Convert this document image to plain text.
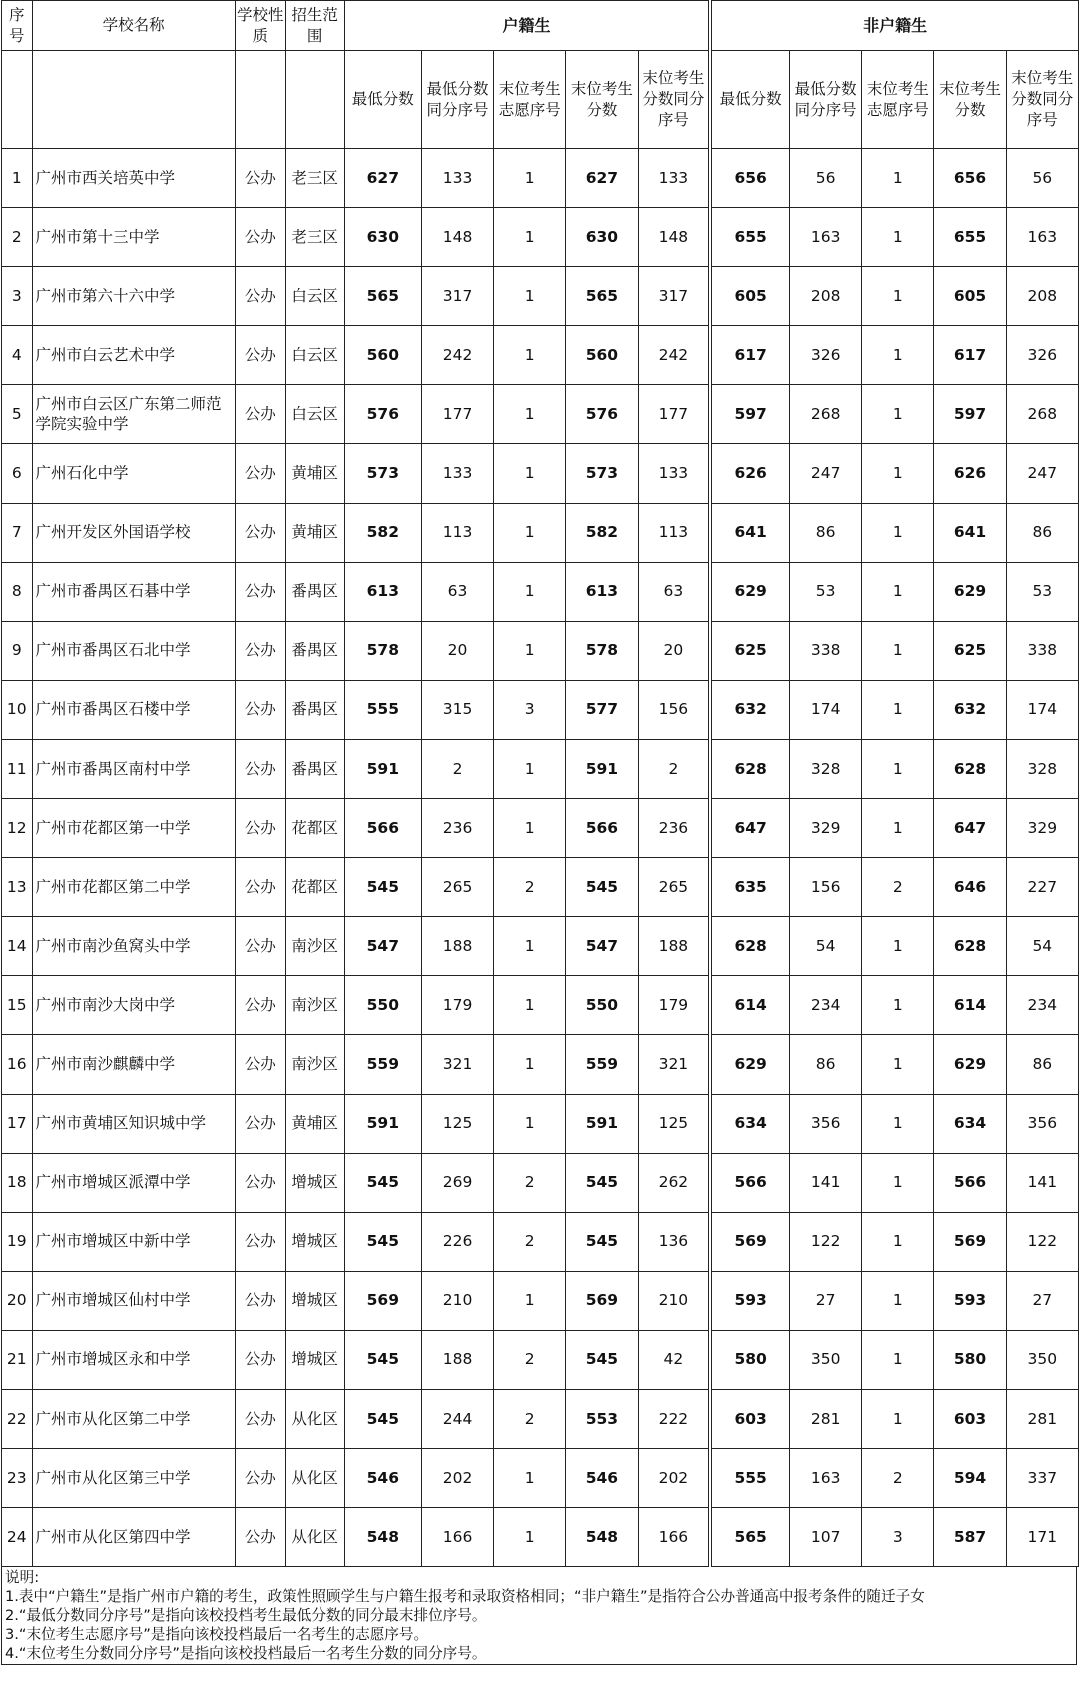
序号	学校名称	学校性质	招生范围	户籍生					非户籍生				
				最低分数	最低分数同分序号	末位考生志愿序号	末位考生分数	末位考生分数同分序号	最低分数	最低分数同分序号	末位考生志愿序号	末位考生分数	末位考生分数同分序号
1	广州市西关培英中学	公办	老三区	627	133	1	627	133	656	56	1	656	56
2	广州市第十三中学	公办	老三区	630	148	1	630	148	655	163	1	655	163
3	广州市第六十六中学	公办	白云区	565	317	1	565	317	605	208	1	605	208
4	广州市白云艺术中学	公办	白云区	560	242	1	560	242	617	326	1	617	326
5	广州市白云区广东第二师范学院实验中学	公办	白云区	576	177	1	576	177	597	268	1	597	268
6	广州石化中学	公办	黄埔区	573	133	1	573	133	626	247	1	626	247
7	广州开发区外国语学校	公办	黄埔区	582	113	1	582	113	641	86	1	641	86
8	广州市番禺区石碁中学	公办	番禺区	613	63	1	613	63	629	53	1	629	53
9	广州市番禺区石北中学	公办	番禺区	578	20	1	578	20	625	338	1	625	338
10	广州市番禺区石楼中学	公办	番禺区	555	315	3	577	156	632	174	1	632	174
11	广州市番禺区南村中学	公办	番禺区	591	2	1	591	2	628	328	1	628	328
12	广州市花都区第一中学	公办	花都区	566	236	1	566	236	647	329	1	647	329
13	广州市花都区第二中学	公办	花都区	545	265	2	545	265	635	156	2	646	227
14	广州市南沙鱼窝头中学	公办	南沙区	547	188	1	547	188	628	54	1	628	54
15	广州市南沙大岗中学	公办	南沙区	550	179	1	550	179	614	234	1	614	234
16	广州市南沙麒麟中学	公办	南沙区	559	321	1	559	321	629	86	1	629	86
17	广州市黄埔区知识城中学	公办	黄埔区	591	125	1	591	125	634	356	1	634	356
18	广州市增城区派潭中学	公办	增城区	545	269	2	545	262	566	141	1	566	141
19	广州市增城区中新中学	公办	增城区	545	226	2	545	136	569	122	1	569	122
20	广州市增城区仙村中学	公办	增城区	569	210	1	569	210	593	27	1	593	27
21	广州市增城区永和中学	公办	增城区	545	188	2	545	42	580	350	1	580	350
22	广州市从化区第二中学	公办	从化区	545	244	2	553	222	603	281	1	603	281
23	广州市从化区第三中学	公办	从化区	546	202	1	546	202	555	163	2	594	337
24	广州市从化区第四中学	公办	从化区	548	166	1	548	166	565	107	3	587	171
说明:
1.表中“户籍生”是指广州市户籍的考生，政策性照顾学生与户籍生报考和录取资格相同；“非户籍生”是指符合公办普通高中报考条件的随迁子女
2.“最低分数同分序号”是指向该校投档考生最低分数的同分最末排位序号。
3.“末位考生志愿序号”是指向该校投档最后一名考生的志愿序号。
4.“末位考生分数同分序号”是指向该校投档最后一名考生分数的同分序号。
